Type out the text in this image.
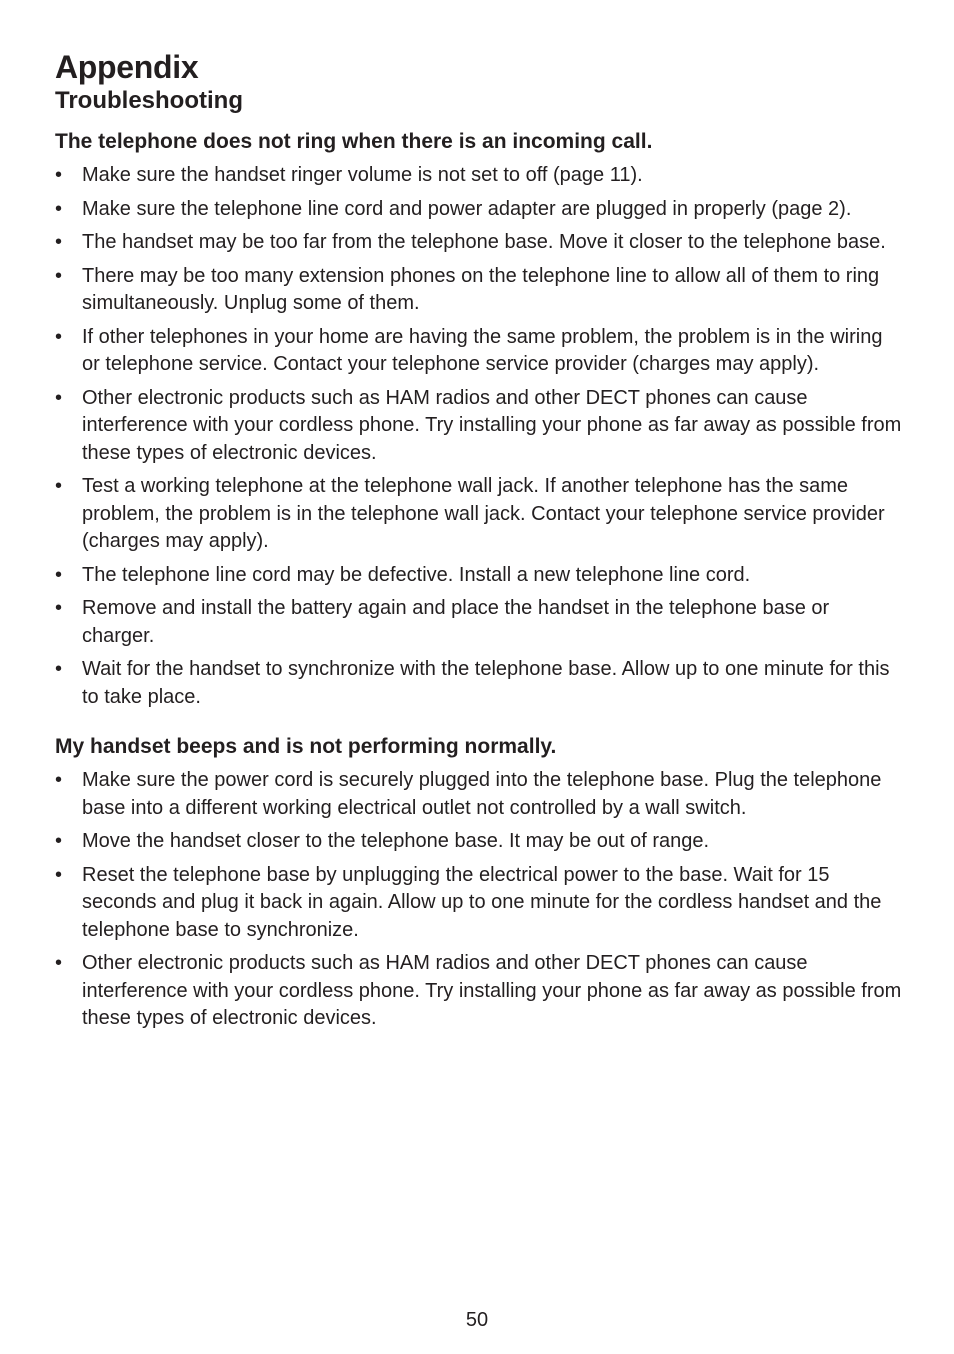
Appendix
Troubleshooting
The telephone does not ring when there is an incoming call.
• Make sure the handset ringer volume is not set to off (page 11).
• Make sure the telephone line cord and power adapter are plugged in properly (page 2).
• The handset may be too far from the telephone base. Move it closer to the telephone base.
• There may be too many extension phones on the telephone line to allow all of them to ring simultaneously. Unplug some of them.
• If other telephones in your home are having the same problem, the problem is in the wiring or telephone service. Contact your telephone service provider (charges may apply).
• Other electronic products such as HAM radios and other DECT phones can cause interference with your cordless phone. Try installing your phone as far away as possible from these types of electronic devices.
• Test a working telephone at the telephone wall jack. If another telephone has the same problem, the problem is in the telephone wall jack. Contact your telephone service provider (charges may apply).
• The telephone line cord may be defective. Install a new telephone line cord.
• Remove and install the battery again and place the handset in the telephone base or charger.
• Wait for the handset to synchronize with the telephone base. Allow up to one minute for this to take place.
My handset beeps and is not performing normally.
• Make sure the power cord is securely plugged into the telephone base. Plug the telephone base into a different working electrical outlet not controlled by a wall switch.
• Move the handset closer to the telephone base. It may be out of range.
• Reset the telephone base by unplugging the electrical power to the base. Wait for 15 seconds and plug it back in again. Allow up to one minute for the cordless handset and the telephone base to synchronize.
• Other electronic products such as HAM radios and other DECT phones can cause interference with your cordless phone. Try installing your phone as far away as possible from these types of electronic devices.
50
